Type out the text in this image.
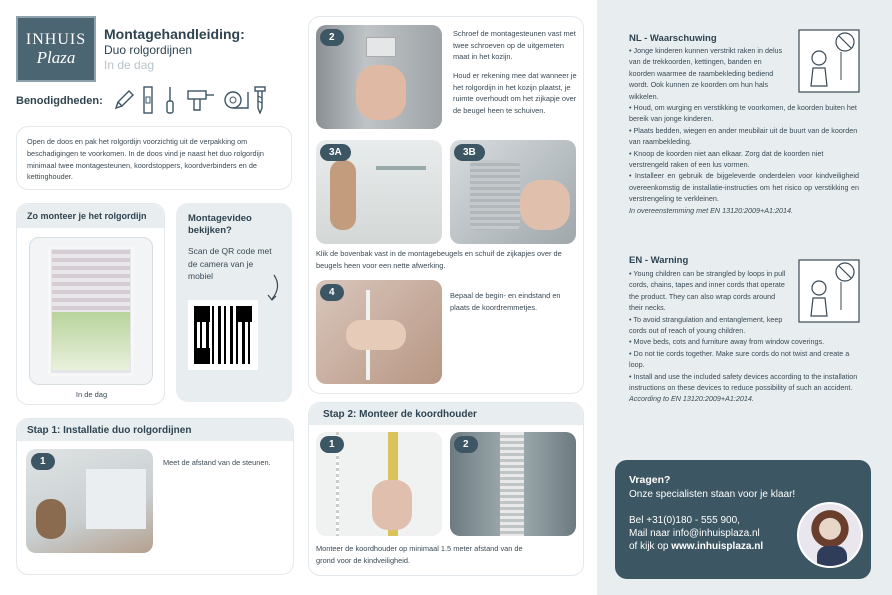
INHUIS
Plaza
Montagehandleiding:
Duo rolgordijnen
In de dag
Benodigdheden:
Open de doos en pak het rolgordijn voorzichtig uit de verpakking om beschadigingen te voorkomen. In de doos vind je naast het duo rolgordijn minimaal twee montagesteunen, koordstoppers, koordverbinders en de kettinghouder.
Zo monteer je het rolgordijn
In de dag
Montagevideo bekijken?
Scan de QR code met de camera van je mobiel
Stap 1: Installatie duo rolgordijnen
1	Meet de afstand van de steunen.
2	Schroef de montagesteunen vast met twee schroeven op de uitgemeten maat in het kozijn.
Houd er rekening mee dat wanneer je het rolgordijn in het kozijn plaatst, je ruimte overhoudt om het zijkapje over de beugel heen te schuiven.
3A	3B
Klik de bovenbak vast in de montagebeugels en schuif de zijkapjes over de beugels heen voor een nette afwerking.
4	Bepaal de begin- en eindstand en plaats de koordremmetjes.
Stap 2: Monteer de koordhouder
1	2
Monteer de koordhouder op minimaal 1.5 meter afstand van de grond voor de kindveiligheid.
NL - Waarschuwing
• Jonge kinderen kunnen verstrikt raken in delus van de trekkoorden, kettingen, banden en koorden waarmee de raambekleding bediend wordt. Ook kunnen ze koorden om hun hals wikkelen.
• Houd, om wurging en verstikking te voorkomen, de koorden buiten het bereik van jonge kinderen.
• Plaats bedden, wiegen en ander meubilair uit de buurt van de koorden van raambekleding.
• Knoop de koorden niet aan elkaar. Zorg dat de koorden niet verstrengeld raken of een lus vormen.
• Installeer en gebruik de bijgeleverde onderdelen voor kindveiligheid overeenkomstig de installatie-instructies om het risico op verstikking en verstrengeling te verkleinen.
In overeenstemming met EN 13120:2009+A1:2014.
EN - Warning
• Young children can be strangled by loops in pull cords, chains, tapes and inner cords that operate the product. They can also wrap cords around their necks.
• To avoid strangulation and entanglement, keep cords out of reach of young children.
• Move beds, cots and furniture away from window coverings.
• Do not tie cords together. Make sure cords do not twist and create a loop.
• Install and use the included safety devices according to the installation instructions on these devices to reduce possibility of such an accident.
According to EN 13120:2009+A1:2014.
Vragen?
Onze specialisten staan voor je klaar!
Bel +31(0)180 - 555 900,
Mail naar info@inhuisplaza.nl
of kijk op www.inhuisplaza.nl
